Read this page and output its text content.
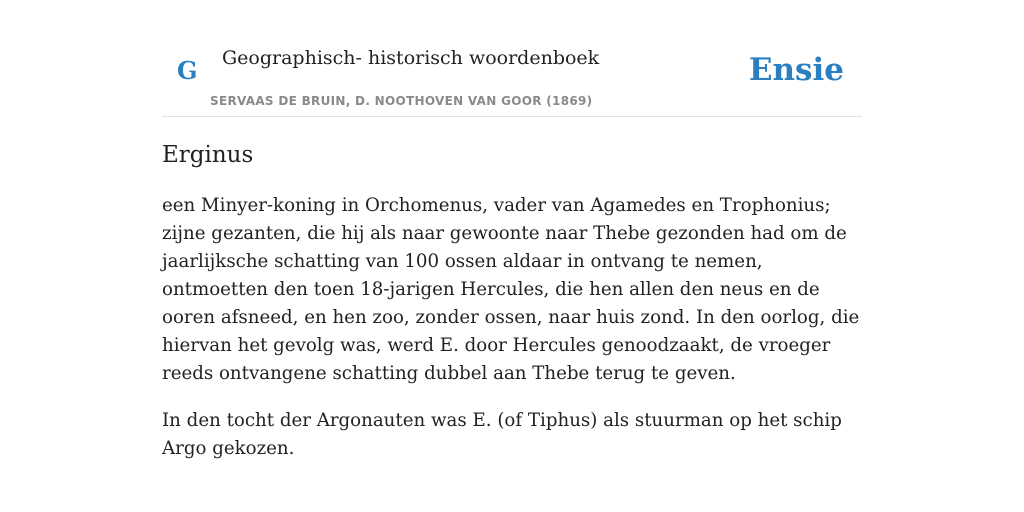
G Geographisch- historisch woordenboek
SERVAAS DE BRUIN, D. NOOTHOVEN VAN GOOR (1869)
Ensie
Erginus

een Minyer-koning in Orchomenus, vader van Agamedes en Trophonius; zijne gezanten, die hij als naar gewoonte naar Thebe gezonden had om de jaarlijksche schatting van 100 ossen aldaar in ontvang te nemen, ontmoetten den toen 18-jarigen Hercules, die hen allen den neus en de ooren afsneed, en hen zoo, zonder ossen, naar huis zond. In den oorlog, die hiervan het gevolg was, werd E. door Hercules genoodzaakt, de vroeger reeds ontvangene schatting dubbel aan Thebe terug te geven.

In den tocht der Argonauten was E. (of Tiphus) als stuurman op het schip Argo gekozen.
